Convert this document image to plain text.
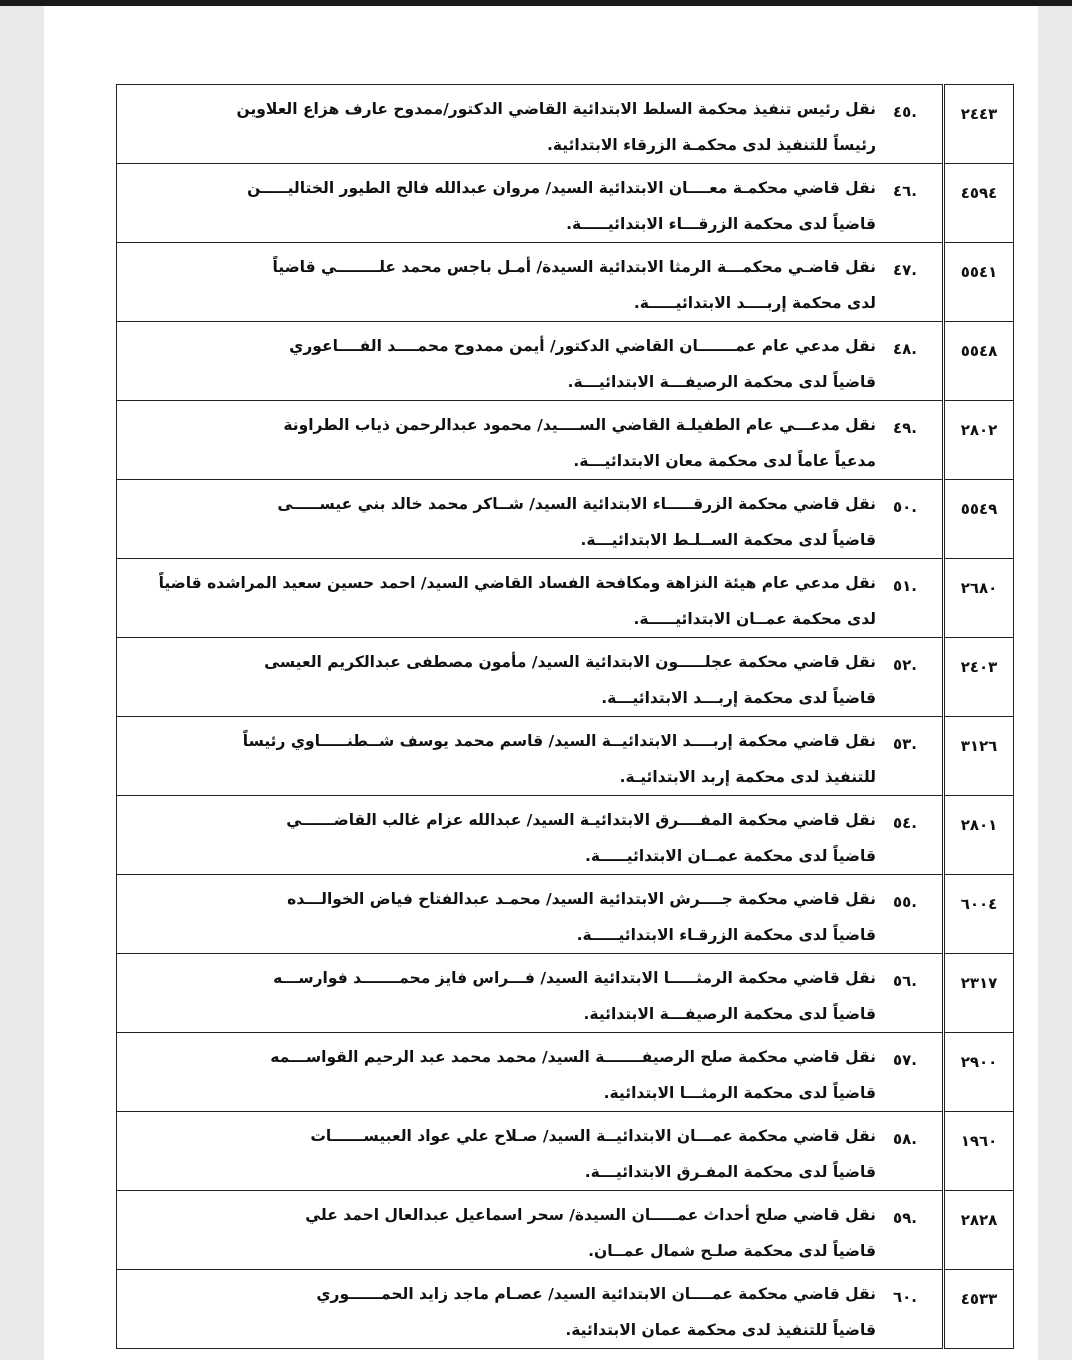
٢٤٤٣	.٤٥
نقل رئيس تنفيذ محكمة السلط الابتدائية القاضي الدكتور/ممدوح عارف هزاع العلاوين
رئيساً للتنفيذ لدى محكمـة الزرقاء الابتدائية.

٤٥٩٤	.٤٦
نقل قاضي محكمـة معــــان الابتدائية السيد/ مروان عبدالله فالح الطيور الختاليـــــن
قاضياً لدى محكمة الزرقـــاء الابتدائيـــــة.

٥٥٤١	.٤٧
نقل قاضـي محكمـــة الرمثا الابتدائية السيدة/ أمـل باجس محمد علــــــــي قاضياً
لدى محكمة إربــــد الابتدائيـــــة.

٥٥٤٨	.٤٨
نقل مدعي عام عمـــــــان القاضي الدكتور/ أيمن ممدوح محمــــد الفــــاعوري
قاضياً لدى محكمة الرصيفـــة الابتدائيـــة.

٢٨٠٢	.٤٩
نقل مدعـــي عام الطفيلـة القاضي الســــيد/ محمود عبدالرحمن ذياب الطراونة
مدعياً عاماً لدى محكمة معان الابتدائيـــة.

٥٥٤٩	.٥٠
نقل قاضي محكمة الزرقـــــاء الابتدائية السيد/ شــاكر محمد خالد بني عيســـــى
قاضياً لدى محكمة الســلـط الابتدائيـــة.

٢٦٨٠	.٥١
نقل مدعي عام هيئة النزاهة ومكافحة الفساد القاضي السيد/ احمد حسين سعيد المراشده قاضياً
لدى محكمة عمــان الابتدائيـــــة.

٢٤٠٣	.٥٢
نقل قاضي محكمة عجلـــــون الابتدائية السيد/ مأمون مصطفى عبدالكريم العيسى
قاضياً لدى محكمة إربـــد الابتدائيـــة.

٣١٢٦	.٥٣
نقل قاضي محكمة إربــــد الابتدائيــة السيد/ قاسم محمد يوسف شــطنـــــاوي رئيساً
للتنفيذ لدى محكمة إربد الابتدائيـة.

٢٨٠١	.٥٤
نقل قاضي محكمة المفــــرق الابتدائيـة السيد/ عبدالله عزام غالب القاضــــــي
قاضياً لدى محكمة عمــان الابتدائيـــــة.

٦٠٠٤	.٥٥
نقل قاضي محكمة جــــرش الابتدائية السيد/ محمـد عبدالفتاح فياض الخوالـــده
قاضياً لدى محكمة الزرقـاء الابتدائيـــــة.

٢٣١٧	.٥٦
نقل قاضي محكمة الرمثـــــا الابتدائية السيد/ فـــراس فايز محمـــــــد فوارســـه
قاضياً لدى محكمة الرصيفـــة الابتدائية.

٢٩٠٠	.٥٧
نقل قاضي محكمة صلح الرصيفـــــــة السيد/ محمد محمد عبد الرحيم القواســـمه
قاضياً لدى محكمة الرمثـــا الابتدائية.

١٩٦٠	.٥٨
نقل قاضي محكمة عمـــان الابتدائيــة السيد/ صـلاح علي عواد العبيســــــات
قاضياً لدى محكمة المفـرق الابتدائيـــة.

٢٨٢٨	.٥٩
نقل قاضي صلح أحداث عمـــــان السيدة/ سحر اسماعيل عبدالعال احمد علي
قاضياً لدى محكمة صلـح شمال عمــان.

٤٥٣٣	.٦٠
نقل قاضي محكمة عمــــان الابتدائية السيد/ عصـام ماجد زايد الحمــــــوري
قاضياً للتنفيذ لدى محكمة عمان الابتدائية.
